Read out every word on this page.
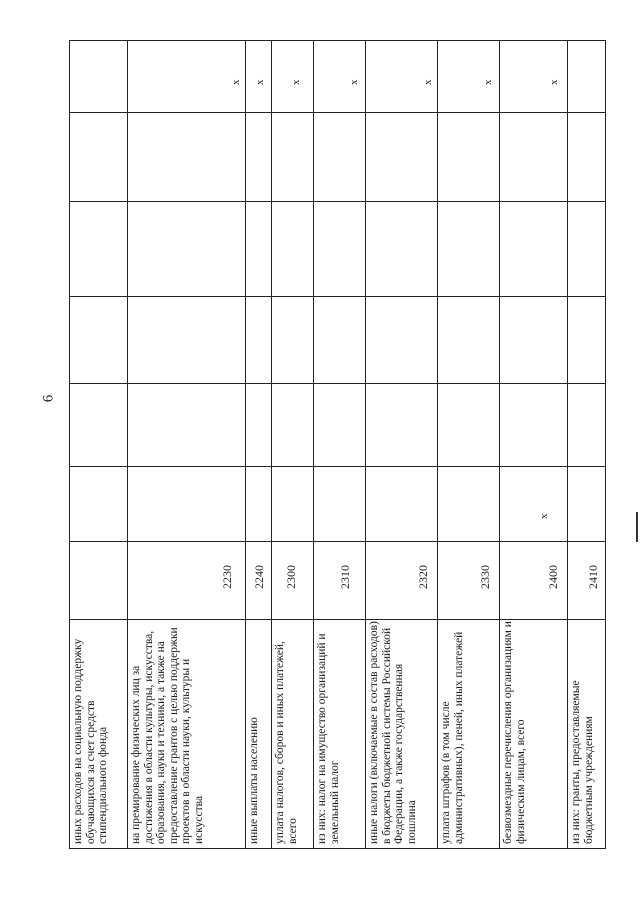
6
иных расходов на социальную поддержку обучающихся за счет средств стипендиального фонда	на премирование физических лиц за достижения в области культуры, искусства, образования, науки и техники, а также на предоставление грантов с целью поддержки проектов в области науки, культуры и искусства
2230
x
иные выплаты населению
2240
x
уплата налогов, сборов и иных платежей, всего
2300
x
из них: налог на имущество организаций и земельный налог
2310
x
иные налоги (включаемые в состав расходов) в бюджеты бюджетной системы Российской Федерации, а также государственная пошлина
2320
x
уплата штрафов (в том числе административных), пеней, иных платежей
2330
x
безвозмездные перечисления организациям и физическим лицам, всего
2400
x
x
из них: гранты, предоставляемые бюджетным учреждениям
2410
